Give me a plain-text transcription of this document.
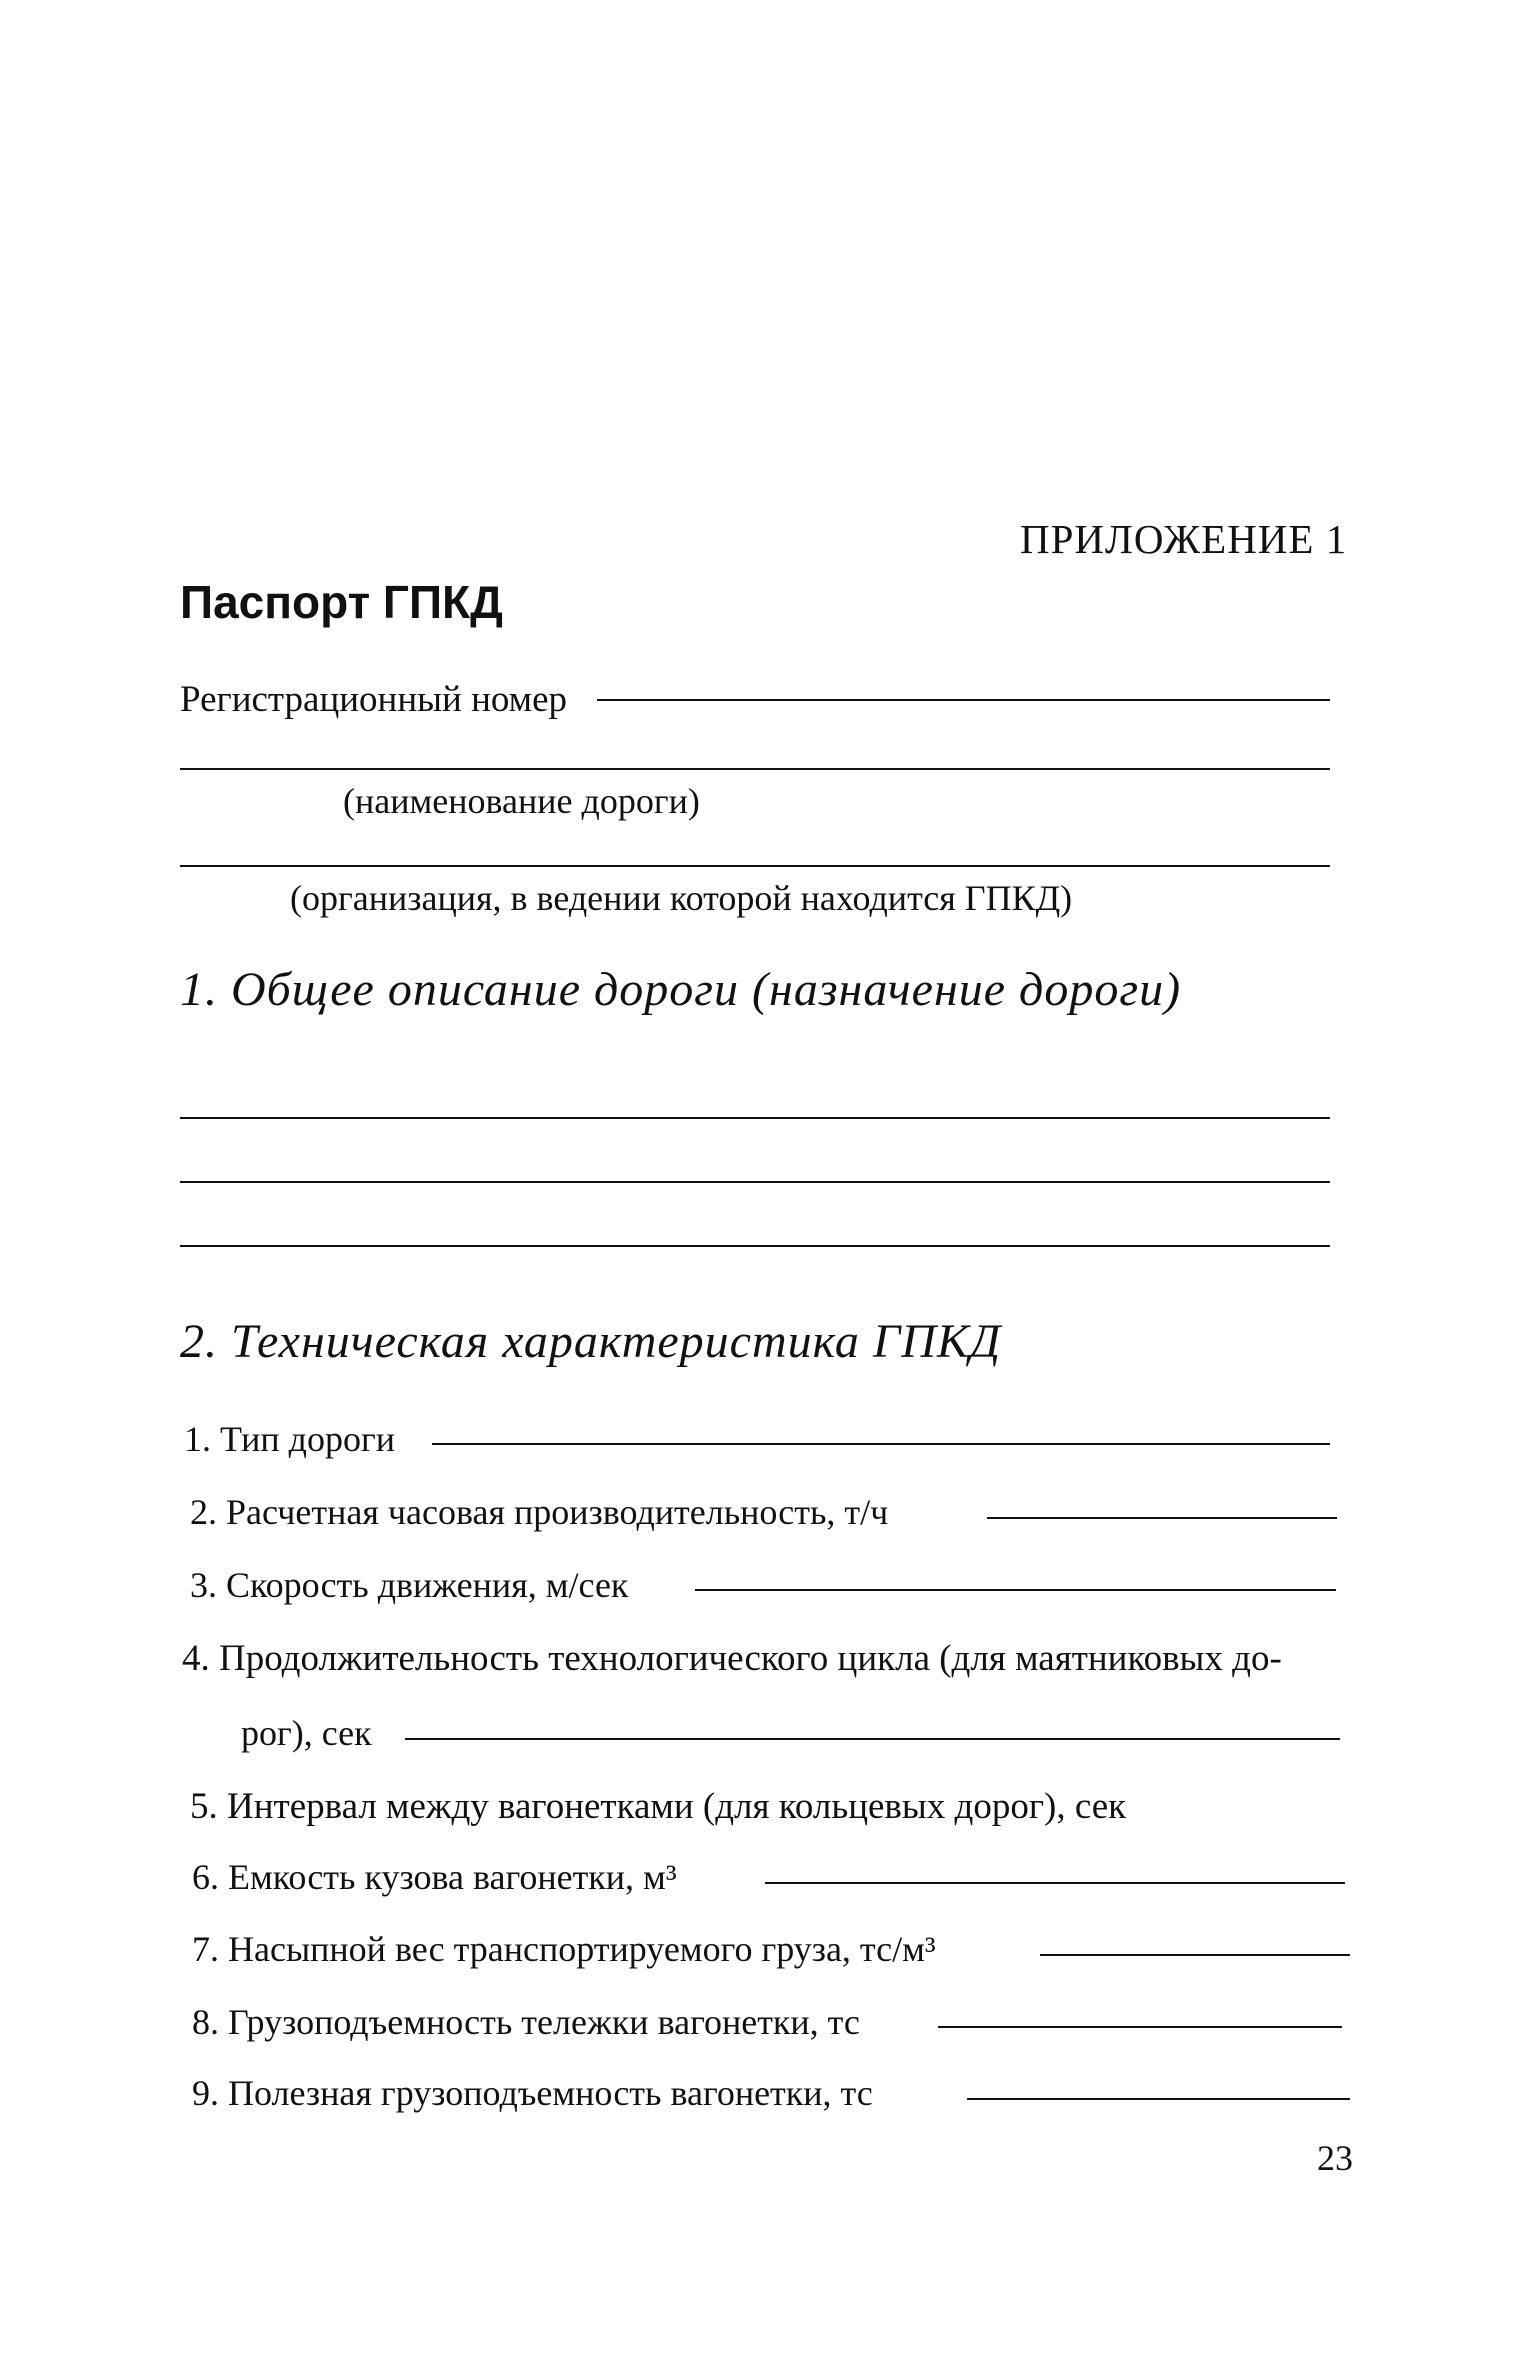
ПРИЛОЖЕНИЕ 1
Паспорт ГПКД
Регистрационный номер
(наименование дороги)
(организация, в ведении которой находится ГПКД)
1. Общее описание дороги (назначение дороги)
2. Техническая характеристика ГПКД
1. Тип дороги
2. Расчетная часовая производительность, т/ч
3. Скорость движения, м/сек
4. Продолжительность технологического цикла (для маятниковых до-
рог), сек
5. Интервал между вагонетками (для кольцевых дорог), сек
6. Емкость кузова вагонетки, м³
7. Насыпной вес транспортируемого груза, тс/м³
8. Грузоподъемность тележки вагонетки, тс
9. Полезная грузоподъемность вагонетки, тс
23
